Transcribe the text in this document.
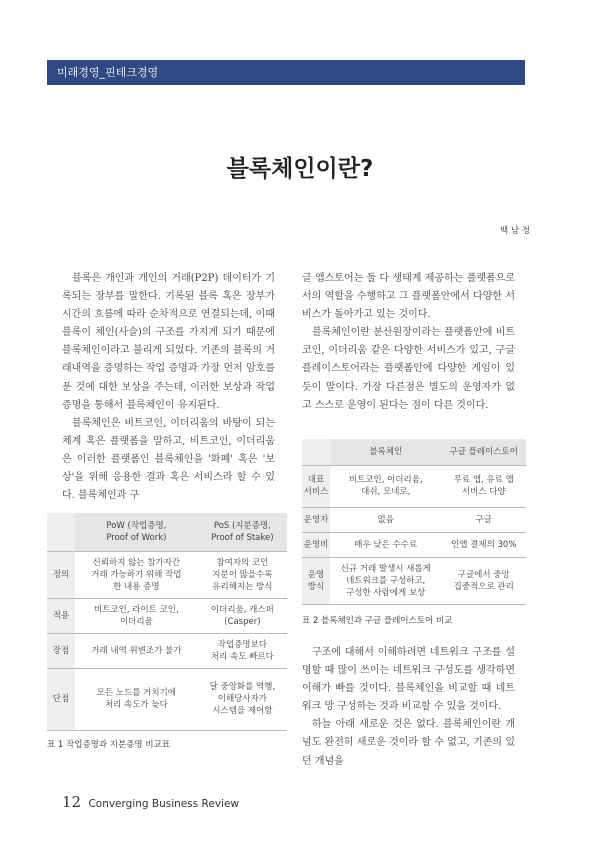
미래경영_핀테크경영
블록체인이란?
백 남 정

블록은 개인과 개인의 거래(P2P) 데이터가 기록되는 장부를 말한다. 기록된 블록 혹은 장부가 시간의 흐름에 따라 순차적으로 연결되는데, 이때 블록이 체인(사슬)의 구조를 가지게 되기 때문에 블록체인이라고 불리게 되었다. 기존의 블록의 거래내역을 증명하는 작업 증명과 가장 먼저 암호를 푼 것에 대한 보상을 주는데, 이러한 보상과 작업증명을 통해서 블록체인이 유지된다.

블록체인은 비트코인, 이더리움의 바탕이 되는 체계 혹은 플랫폼을 말하고, 비트코인, 이더리움은 이러한 플랫폼인 블록체인을 '화폐' 혹은 '보상'을 위해 응용한 결과 혹은 서비스라 할 수 있다. 블록체인과 구

글 앱스토어는 둘 다 생태계 제공하는 플랫폼으로서의 역할을 수행하고 그 플랫폼안에서 다양한 서비스가 돌아가고 있는 것이다.

블록체인이란 분산원장이라는 플랫폼안에 비트코인, 이더리움 같은 다양한 서비스가 있고, 구글 플레이스토어라는 플랫폼안에 다양한 게임이 있듯이 말이다. 가장 다른점은 별도의 운영자가 없고 스스로 운영이 된다는 점이 다른 것이다.

	PoW (작업증명,
Proof of Work)	PoS (지분증명,
Proof of Stake)
정의	신뢰하지 않는 참가자간
거래 가능하기 위해 작업
한 내용 증명	참여자의 코인
지분이 많을수록
유리해지는 방식
적용	비트코인, 라이트 코인,
이더리움	이더리움, 캐스퍼
(Casper)
장점	거래 내역 위변조가 불가	작업증명보다
처리 속도 빠르다
단점	모든 노드를 거치기에
처리 속도가 늦다	달 중앙화를 역행,
이해당사자가
시스템을 제어함
표 1 작업증명과 지분증명 비교표
	블록체인	구글 플레이스토어
대표
서비스	비트코인, 이더리움,
대쉬, 모네로,	무료 앱, 유료 앱
서비스 다양
운영자	없음	구글
운영비	매우 낮은 수수료	인앱 결제의 30%
운영
방식	신규 거래 발생시 새롭게
네트워크를 구성하고,
구성한 사람에게 보상	구글에서 중앙
집중적으로 관리
표 2 블록체인과 구글 플레이스토어 비교

구조에 대해서 이해하려면 네트워크 구조를 설명할 때 많이 쓰이는 네트워크 구성도를 생각하면 이해가 빠를 것이다. 블록체인을 비교할 때 네트워크 망 구성하는 것과 비교할 수 있을 것이다.

하늘 아래 새로운 것은 없다. 블록체인이란 개념도 완전히 새로운 것이라 할 수 없고, 기존의 있던 개념을

12 Converging Business Review
